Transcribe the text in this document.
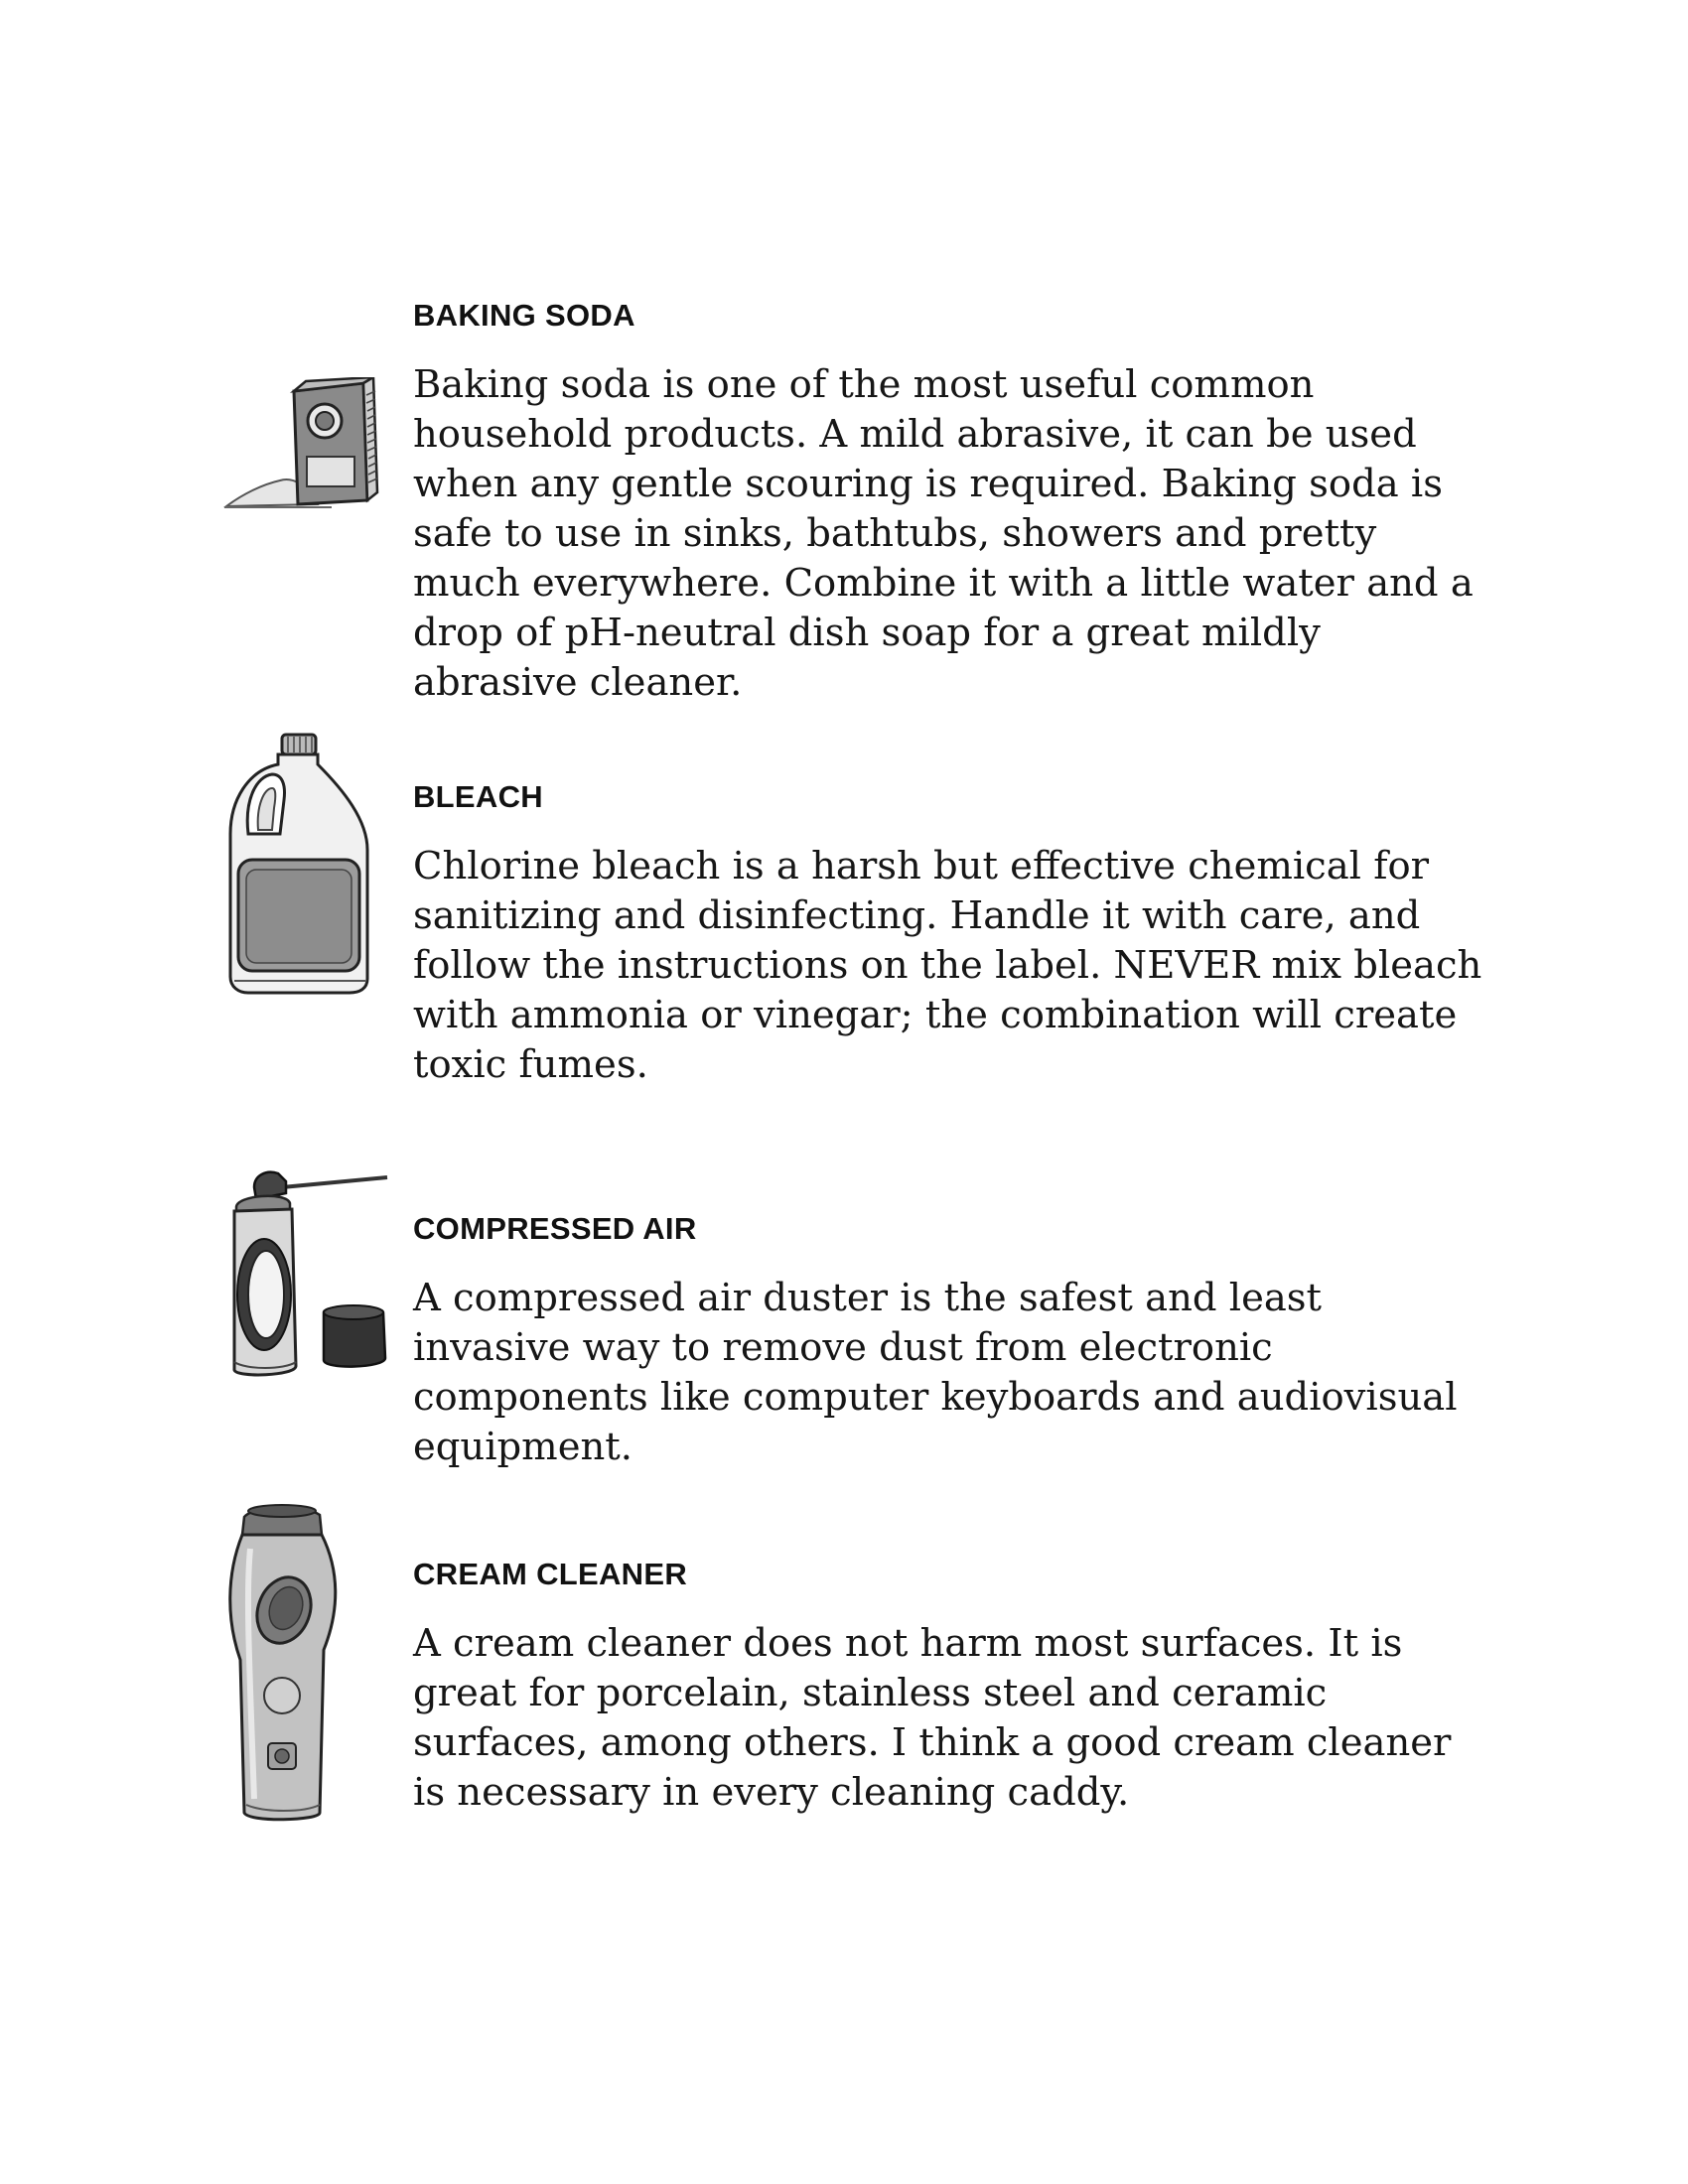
BAKING SODA

Baking soda is one of the most useful common household products. A mild abrasive, it can be used when any gentle scouring is required. Baking soda is safe to use in sinks, bathtubs, showers and pretty much everywhere. Combine it with a little water and a drop of pH-neutral dish soap for a great mildly abrasive cleaner.

BLEACH

Chlorine bleach is a harsh but effective chemical for sanitizing and disinfecting. Handle it with care, and follow the instructions on the label. NEVER mix bleach with ammonia or vinegar; the combination will create toxic fumes.

COMPRESSED AIR

A compressed air duster is the safest and least invasive way to remove dust from electronic components like computer keyboards and audiovisual equipment.

CREAM CLEANER

A cream cleaner does not harm most surfaces. It is great for porcelain, stainless steel and ceramic surfaces, among others. I think a good cream cleaner is necessary in every cleaning caddy.
